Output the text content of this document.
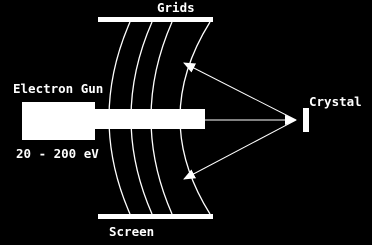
Grids
Electron Gun
20 - 200 eV
Crystal
Screen
